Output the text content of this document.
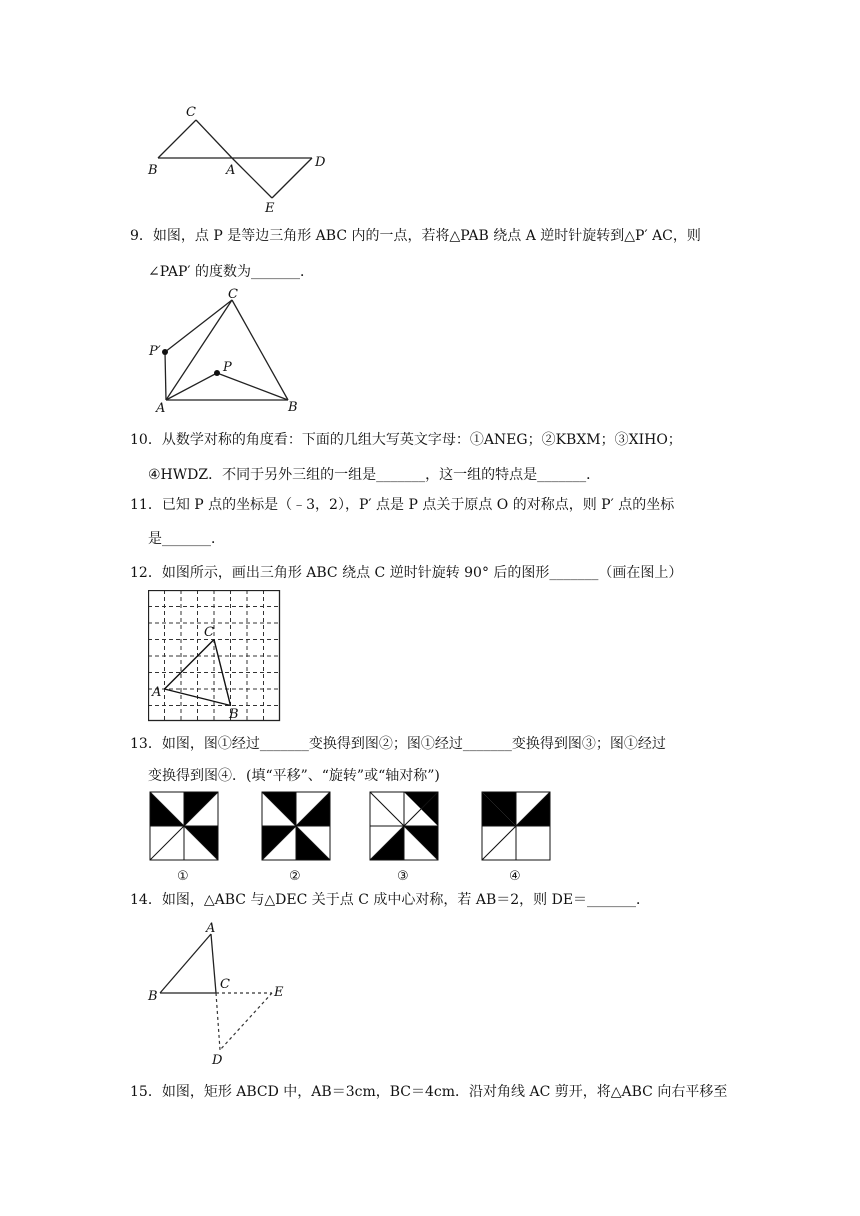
C
B	A
D
E
9．如图，点 P 是等边三角形 ABC 内的一点，若将△PAB 绕点 A 逆时针旋转到△P′ AC，则
∠PAP′ 的度数为_______．
C
P′
P
A	B
10．从数学对称的角度看：下面的几组大写英文字母：①ANEG；②KBXM；③XIHO；
④HWDZ．不同于另外三组的一组是_______，这一组的特点是_______．
11．已知 P 点的坐标是（﹣3，2），P′ 点是 P 点关于原点 O 的对称点，则 P′ 点的坐标
是_______．
12．如图所示，画出三角形 ABC 绕点 C 逆时针旋转 90° 后的图形_______（画在图上）
C
A
B
13．如图，图①经过_______变换得到图②；图①经过_______变换得到图③；图①经过
变换得到图④．(填“平移”、“旋转”或“轴对称”)
①	②	③	④
14．如图，△ABC 与△DEC 关于点 C 成中心对称，若 AB＝2，则 DE＝_______．
A
B
C
E
D
15．如图，矩形 ABCD 中，AB＝3cm，BC＝4cm．沿对角线 AC 剪开，将△ABC 向右平移至
